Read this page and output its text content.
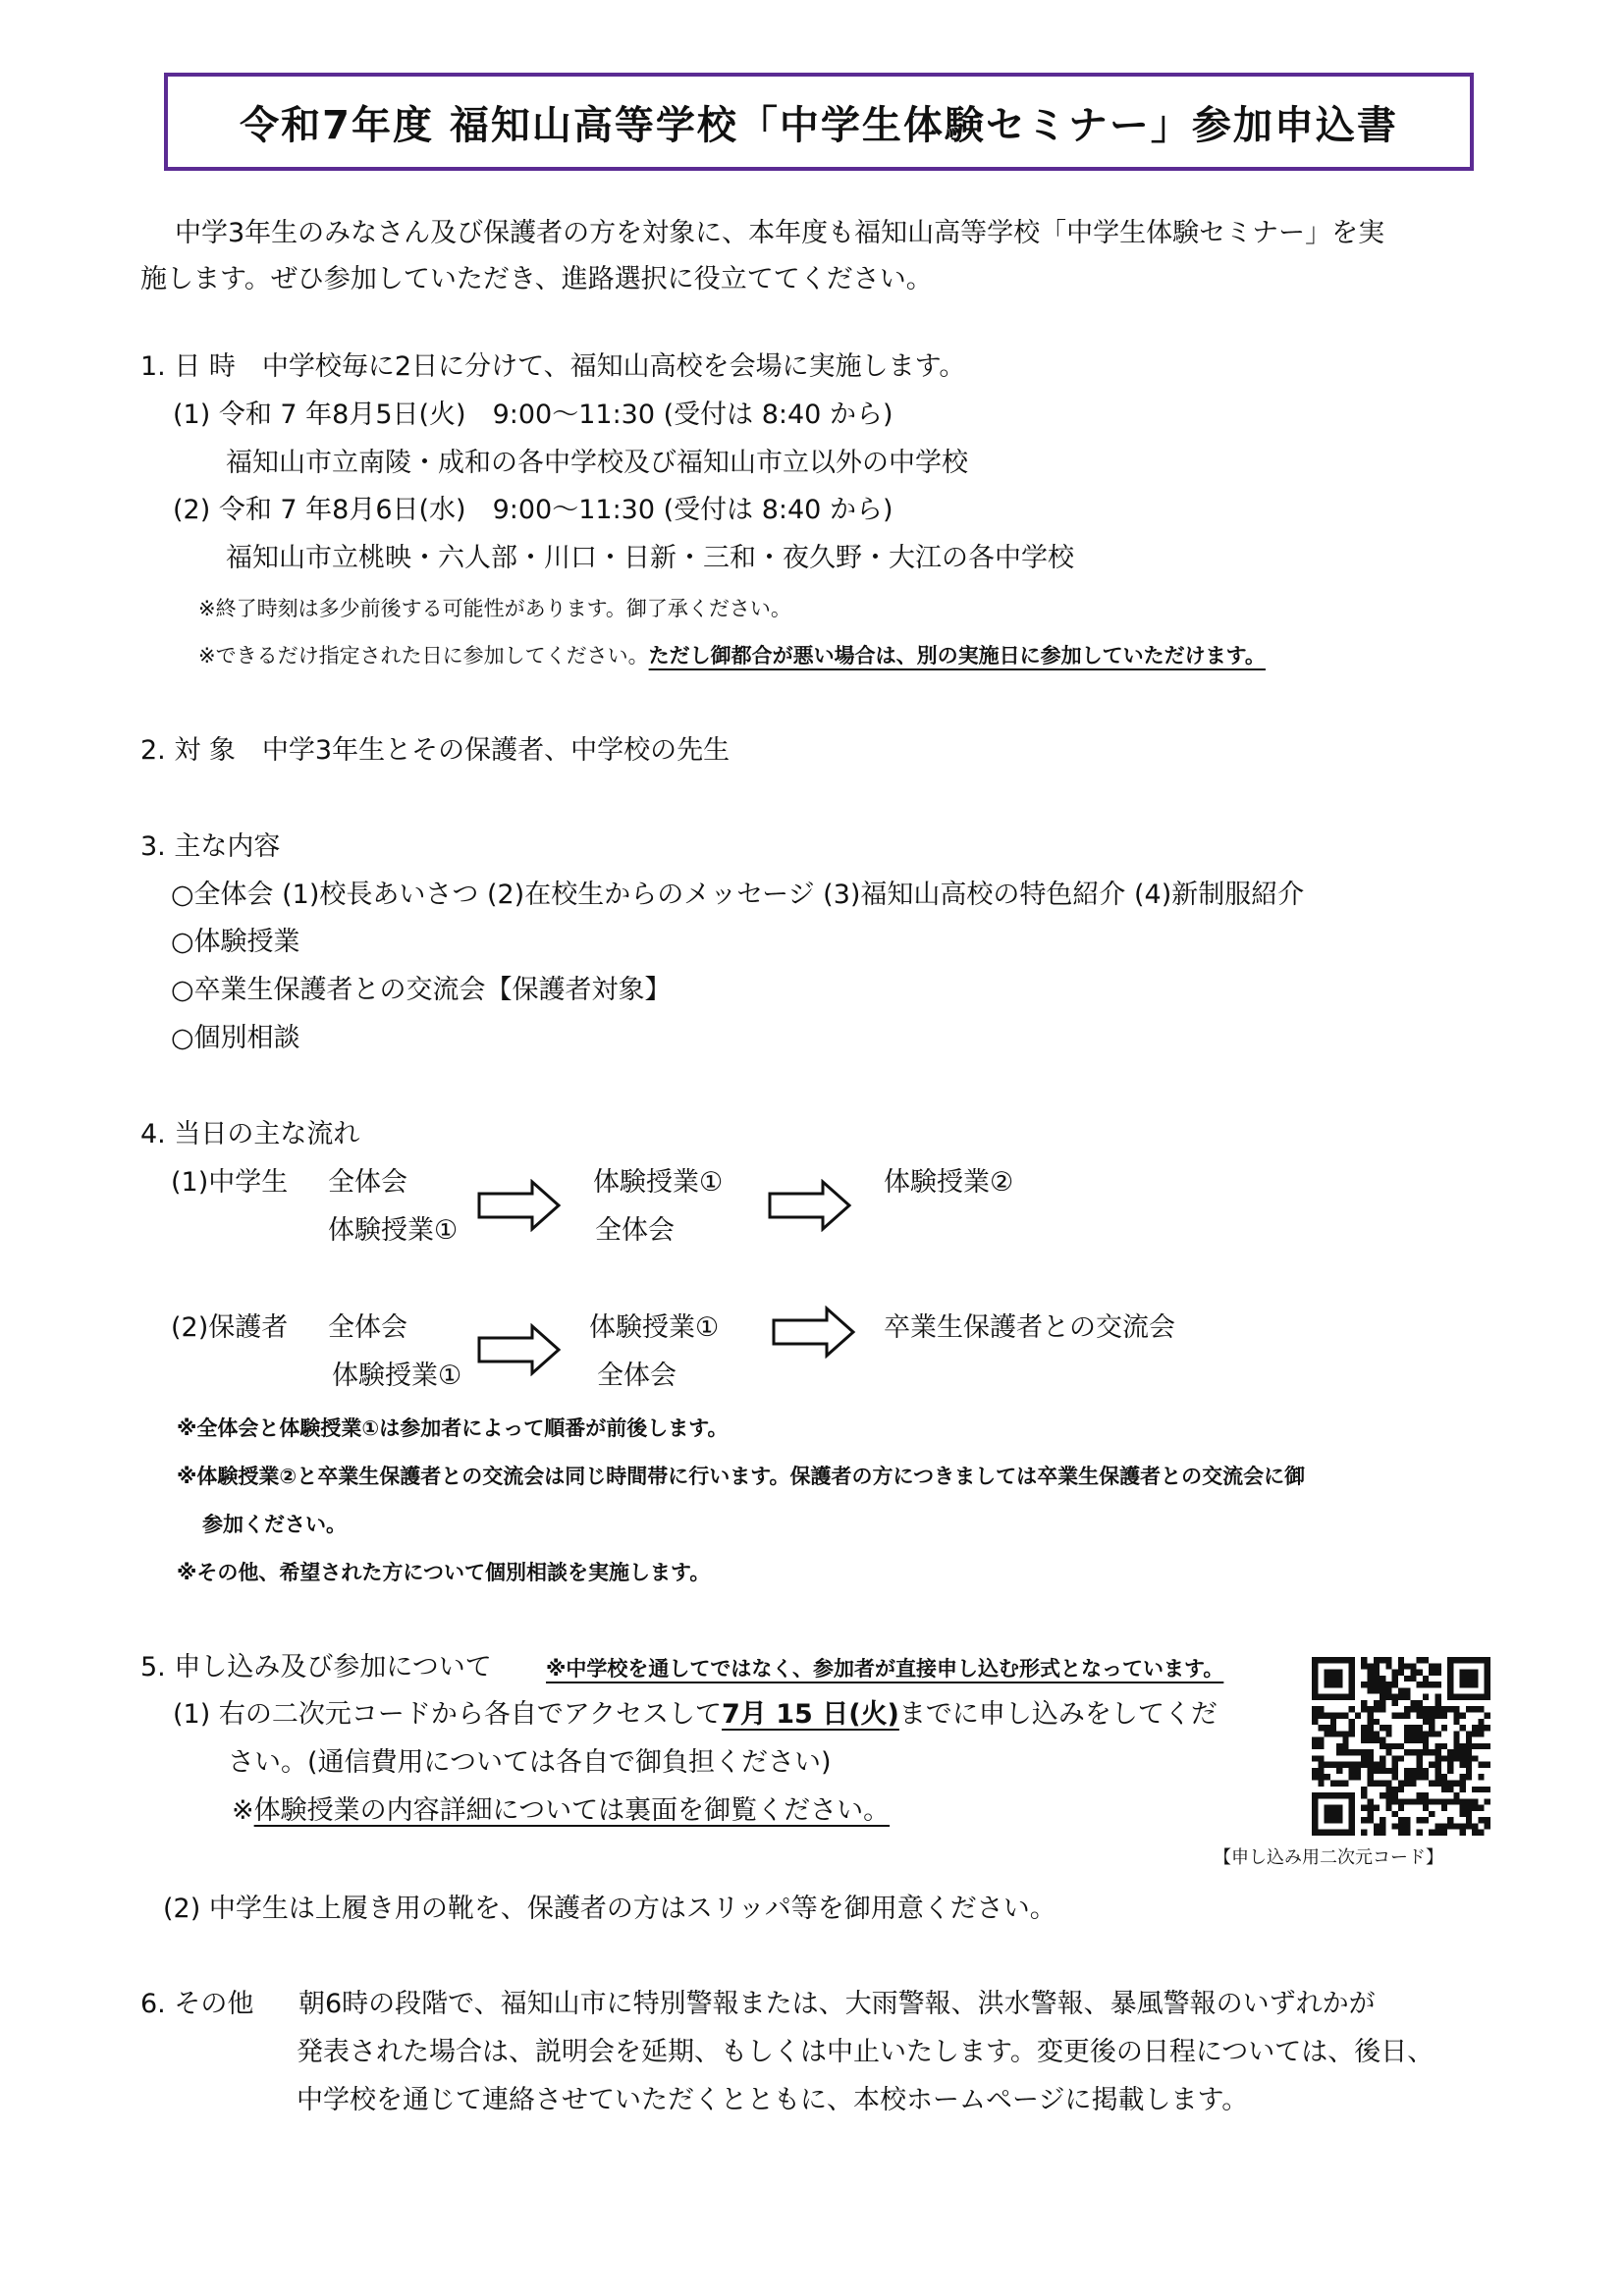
令和7年度 福知山高等学校「中学生体験セミナー」参加申込書
中学3年生のみなさん及び保護者の方を対象に、本年度も福知山高等学校「中学生体験セミナー」を実
施します。ぜひ参加していただき、進路選択に役立ててください。
1. 日 時　中学校毎に2日に分けて、福知山高校を会場に実施します。
(1) 令和 7 年8月5日(火)　9:00～11:30 (受付は 8:40 から)
福知山市立南陵・成和の各中学校及び福知山市立以外の中学校
(2) 令和 7 年8月6日(水)　9:00～11:30 (受付は 8:40 から)
福知山市立桃映・六人部・川口・日新・三和・夜久野・大江の各中学校
※終了時刻は多少前後する可能性があります。御了承ください。
※できるだけ指定された日に参加してください。ただし御都合が悪い場合は、別の実施日に参加していただけます。
2. 対 象　中学3年生とその保護者、中学校の先生
3. 主な内容
○全体会 (1)校長あいさつ (2)在校生からのメッセージ (3)福知山高校の特色紹介 (4)新制服紹介
○体験授業
○卒業生保護者との交流会【保護者対象】
○個別相談
4. 当日の主な流れ
(1)中学生 全体会
体験授業①
体験授業①
全体会
体験授業②
(2)保護者 全体会
体験授業①
体験授業①
全体会
卒業生保護者との交流会
※全体会と体験授業①は参加者によって順番が前後します。
※体験授業②と卒業生保護者との交流会は同じ時間帯に行います。保護者の方につきましては卒業生保護者との交流会に御
参加ください。
※その他、希望された方について個別相談を実施します。
5. 申し込み及び参加について	※中学校を通してではなく、参加者が直接申し込む形式となっています。
(1) 右の二次元コードから各自でアクセスして7月 15 日(火)までに申し込みをしてくだ
さい。(通信費用については各自で御負担ください)
※体験授業の内容詳細については裏面を御覧ください。
(2) 中学生は上履き用の靴を、保護者の方はスリッパ等を御用意ください。
【申し込み用二次元コード】
6. その他 朝6時の段階で、福知山市に特別警報または、大雨警報、洪水警報、暴風警報のいずれかが
発表された場合は、説明会を延期、もしくは中止いたします。変更後の日程については、後日、
中学校を通じて連絡させていただくとともに、本校ホームページに掲載します。
